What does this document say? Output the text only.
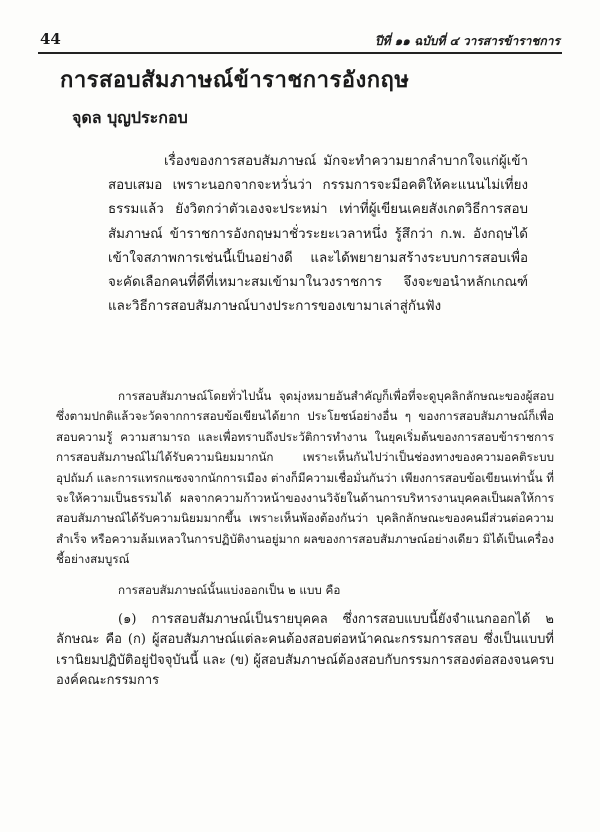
44	ปีที่ ๑๑ ฉบับที่ ๔ วารสารข้าราชการ
การสอบสัมภาษณ์ข้าราชการอังกฤษ
จุดล บุญประกอบ

เรื่องของการสอบสัมภาษณ์ มักจะทำความยากลำบากใจแก่ผู้เข้าสอบเสมอ เพราะนอกจากจะหวั่นว่า กรรมการจะมีอคติให้คะแนนไม่เที่ยงธรรมแล้ว ยังวิตกว่าตัวเองจะประหม่า เท่าที่ผู้เขียนเคยสังเกตวิธีการสอบสัมภาษณ์ ข้าราชการอังกฤษมาชั่วระยะเวลาหนึ่ง รู้สึกว่า ก.พ. อังกฤษได้เข้าใจสภาพการเช่นนี้เป็นอย่างดี และได้พยายามสร้างระบบการสอบเพื่อจะคัดเลือกคนที่ดีที่เหมาะสมเข้ามาในวงราชการ จึงจะขอนำหลักเกณฑ์และวิธีการสอบสัมภาษณ์บางประการของเขามาเล่าสู่กันฟัง

การสอบสัมภาษณ์โดยทั่วไปนั้น จุดมุ่งหมายอันสำคัญก็เพื่อที่จะดูบุคลิกลักษณะของผู้สอบ ซึ่งตามปกติแล้วจะวัดจากการสอบข้อเขียนได้ยาก ประโยชน์อย่างอื่น ๆ ของการสอบสัมภาษณ์ก็เพื่อสอบความรู้ ความสามารถ และเพื่อทราบถึงประวัติการทำงาน ในยุคเริ่มต้นของการสอบข้าราชการ การสอบสัมภาษณ์ไม่ได้รับความนิยมมากนัก เพราะเห็นกันไปว่าเป็นช่องทางของความอคติระบบอุปถัมภ์ และการแทรกแซงจากนักการเมือง ต่างก็มีความเชื่อมั่นกันว่า เพียงการสอบข้อเขียนเท่านั้น ที่จะให้ความเป็นธรรมได้ ผลจากความก้าวหน้าของงานวิจัยในด้านการบริหารงานบุคคลเป็นผลให้การสอบสัมภาษณ์ได้รับความนิยมมากขึ้น เพราะเห็นพ้องต้องกันว่า บุคลิกลักษณะของคนมีส่วนต่อความสำเร็จ หรือความล้มเหลวในการปฏิบัติงานอยู่มาก ผลของการสอบสัมภาษณ์อย่างเดียว มิได้เป็นเครื่องชี้อย่างสมบูรณ์

การสอบสัมภาษณ์นั้นแบ่งออกเป็น ๒ แบบ คือ

(๑) การสอบสัมภาษณ์เป็นรายบุคคล ซึ่งการสอบแบบนี้ยังจำแนกออกได้ ๒ ลักษณะ คือ (ก) ผู้สอบสัมภาษณ์แต่ละคนต้องสอบต่อหน้าคณะกรรมการสอบ ซึ่งเป็นแบบที่เรานิยมปฏิบัติอยู่ปัจจุบันนี้ และ (ข) ผู้สอบสัมภาษณ์ต้องสอบกับกรรมการสองต่อสองจนครบองค์คณะกรรมการ
